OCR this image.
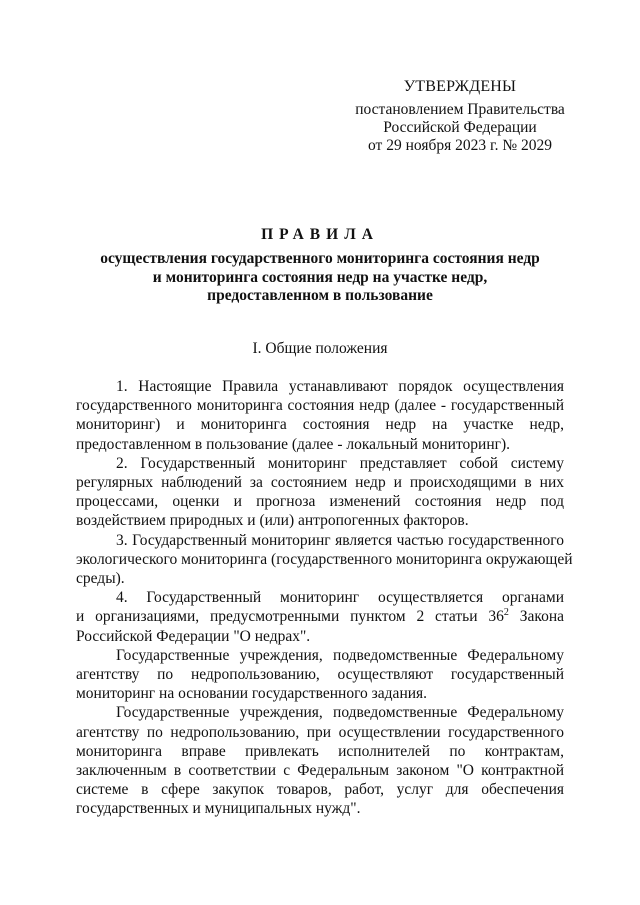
УТВЕРЖДЕНЫ
постановлением Правительства
Российской Федерации
от 29 ноября 2023 г. № 2029
ПРАВИЛА
осуществления государственного мониторинга состояния недр
и мониторинга состояния недр на участке недр,
предоставленном в пользование
I. Общие положения

1. Настоящие Правила устанавливают порядок осуществления
государственного мониторинга состояния недр (далее - государственный
мониторинг) и мониторинга состояния недр на участке недр,
предоставленном в пользование (далее - локальный мониторинг).

2. Государственный мониторинг представляет собой систему
регулярных наблюдений за состоянием недр и происходящими в них
процессами, оценки и прогноза изменений состояния недр под
воздействием природных и (или) антропогенных факторов.

3. Государственный мониторинг является частью государственного
экологического мониторинга (государственного мониторинга окружающей
среды).

4. Государственный мониторинг осуществляется органами
и организациями, предусмотренными пунктом 2 статьи 36$^2$ Закона
Российской Федерации "О недрах".

Государственные учреждения, подведомственные Федеральному
агентству по недропользованию, осуществляют государственный
мониторинг на основании государственного задания.

Государственные учреждения, подведомственные Федеральному
агентству по недропользованию, при осуществлении государственного
мониторинга вправе привлекать исполнителей по контрактам,
заключенным в соответствии с Федеральным законом "О контрактной
системе в сфере закупок товаров, работ, услуг для обеспечения
государственных и муниципальных нужд".
